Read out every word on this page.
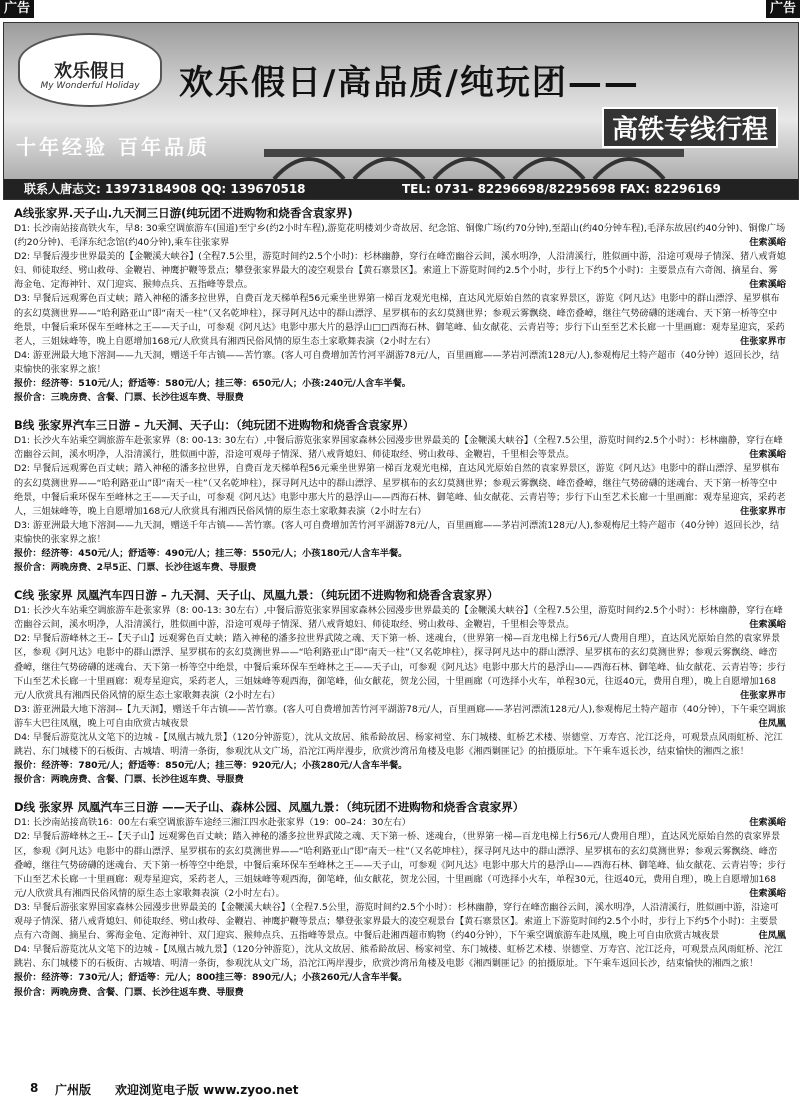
广告	广告
欢乐假日
My Wonderful Holiday	欢乐假日/高品质/纯玩团——
高铁专线行程
十年经验 百年品质
联系人唐志文: 13973184908 QQ: 139670518	TEL: 0731- 82296698/82295698 FAX: 82296169
A线张家界.天子山.九天洞三日游(纯玩团不进购物和烧香含袁家界)
D1: 长沙南站接高铁火车，早8: 30乘空调旅游车(国道)至宁乡(约2小时车程),游览花明楼刘少奇故居、纪念馆、铜像广场(约70分钟),至韶山(约40分钟车程),毛泽东故居(约40分钟)、铜像广场(约20分钟)、毛泽东纪念馆(约40分钟),乘车往张家界	住索溪峪
D2: 早餐后漫步世界最美的【金鞭溪大峡谷】(全程7.5公里，游览时间约2.5个小时)：杉林幽静，穿行在峰峦幽谷云间，溪水明净，人沿清溪行，胜似画中游，沿途可观母子情深、猪八戒背媳妇、师徒取经、劈山救母、金鞭岩、神鹰护鞭等景点；攀登张家界最大的凌空观景台【黄石寨景区】。索道上下游览时间约2.5个小时，步行上下约5个小时)：主要景点有六奇阁、摘星台、雾海金龟、定海神针、双门迎宾、猴帅点兵、五指峰等景点。	住索溪峪
D3: 早餐后远观雾色百丈峡；踏入神秘的潘多拉世界，自费百龙天梯单程56元乘坐世界第一梯百龙观光电梯，直达风光原始自然的袁家界景区，游览《阿凡达》电影中的群山漂浮、星罗棋布的玄幻莫测世界——“哈利路亚山”即“南天一柱”（又名乾坤柱），探寻阿凡达中的群山漂浮、星罗棋布的玄幻莫测世界；参观云雾飘绕、峰峦叠嶂，继往气势磅礴的迷魂台、天下第一桥等空中绝景，中餐后乘环保车至峰林之王——天子山，可参观《阿凡达》电影中那大片的悬浮山□□西海石林、御笔峰、仙女献花、云青岩等；步行下山至至艺术长廊一十里画廊：观寿星迎宾，采药老人，三姐妹峰等，晚上自愿增加168元/人欣赏具有湘西民俗风情的原生态土家歌舞表演（2小时左右）	住张家界市
D4: 游亚洲最大地下溶洞——九天洞，赠送千年古镇——苦竹寨。(客人可自费增加苦竹河平湖游78元/人，百里画廊——茅岩河漂流128元/人),参观梅尼土特产超市（40分钟）返回长沙，结束愉快的张家界之旅！
报价：经济等：510元/人；舒适等：580元/人；挂三等：650元/人；小孩:240元/人含车半餐。
报价含：三晚房费、含餐、门票、长沙往返车费、导服费
B线 张家界汽车三日游 – 九天洞、天子山：（纯玩团不进购物和烧香含袁家界）
D1: 长沙火车站乘空调旅游车赴张家界（8: 00-13: 30左右）,中餐后游览张家界国家森林公园漫步世界最美的【金鞭溪大峡谷】（全程7.5公里，游览时间约2.5个小时）：杉林幽静，穿行在峰峦幽谷云间，溪水明净，人沿清溪行，胜似画中游，沿途可观母子情深、猪八戒背媳妇、师徒取经、劈山救母、金鞭岩，千里相会等景点。	住索溪峪
D2: 早餐后远观雾色百丈峡；踏入神秘的潘多拉世界，自费百龙天梯单程56元乘坐世界第一梯百龙观光电梯，直达风光原始自然的袁家界景区，游览《阿凡达》电影中的群山漂浮、星罗棋布的玄幻莫测世界——“哈利路亚山”即“南天一柱”（又名乾坤柱），探寻阿凡达中的群山漂浮、星罗棋布的玄幻莫测世界；参观云雾飘绕、峰峦叠嶂，继往气势磅礴的迷魂台、天下第一桥等空中绝景，中餐后乘环保车至峰林之王——天子山，可参观《阿凡达》电影中那大片的悬浮山——西海石林、御笔峰、仙女献花、云青岩等；步行下山至艺术长廊一十里画廊：观寿星迎宾，采药老人，三姐妹峰等，晚上自愿增加168元/人欣赏具有湘西民俗风情的原生态土家歌舞表演（2小时左右）	住张家界市
D3: 游亚洲最大地下溶洞——九天洞，赠送千年古镇——苦竹寨。(客人可自费增加苦竹河平湖游78元/人，百里画廊——茅岩河漂流128元/人),参观梅尼土特产超市（40分钟）返回长沙，结束愉快的张家界之旅！
报价：经济等：450元/人；舒适等：490元/人；挂三等：550元/人；小孩180元/人含车半餐。
报价含：两晚房费、2早5正、门票、长沙往返车费、导服费
C线 张家界 凤凰汽车四日游 – 九天洞、天子山、凤凰九景：（纯玩团不进购物和烧香含袁家界）
D1: 长沙火车站乘空调旅游车赴张家界（8: 00-13: 30左右）,中餐后游览张家界国家森林公园漫步世界最美的【金鞭溪大峡谷】（全程7.5公里，游览时间约2.5个小时）：杉林幽静，穿行在峰峦幽谷云间，溪水明净，人沿清溪行，胜似画中游，沿途可观母子情深、猪八戒背媳妇、师徒取经、劈山救母、金鞭岩，千里相会等景点。	住索溪峪
D2: 早餐后游峰林之王--【天子山】远观雾色百丈峡；踏入神秘的潘多拉世界武陵之魂、天下第一桥、迷魂台，（世界第一梯—百龙电梯上行56元/人费用自理），直达风光原始自然的袁家界景区，参观《阿凡达》电影中的群山漂浮、星罗棋布的玄幻莫测世界——“哈利路亚山”即“南天一柱”（又名乾坤柱），探寻阿凡达中的群山漂浮、星罗棋布的玄幻莫测世界；参观云雾飘绕、峰峦叠嶂，继往气势磅礴的迷魂台、天下第一桥等空中绝景，中餐后乘环保车至峰林之王——天子山，可参观《阿凡达》电影中那大片的悬浮山——西海石林、御笔峰、仙女献花、云青岩等；步行下山至艺术长廊一十里画廊：观寿星迎宾，采药老人，三姐妹峰等观西海，御笔峰，仙女献花，贺龙公园，十里画廊（可选择小火车，单程30元，往返40元，费用自理），晚上自愿增加168元/人欣赏具有湘西民俗风情的原生态土家歌舞表演（2小时左右）	住张家界市
D3: 游亚洲最大地下溶洞--【九天洞】，赠送千年古镇——苦竹寨。(客人可自费增加苦竹河平湖游78元/人，百里画廊——茅岩河漂流128元/人),参观梅尼土特产超市（40分钟），下午乘空调旅游车大巴往凤凰，晚上可自由欣赏古城夜景	住凤凰
D4: 早餐后游览沈从文笔下的边城 -【凤凰古城九景】（120分钟游览），沈从文故居、熊希龄故居、杨家祠堂、东门城楼、虹桥艺术楼、崇德堂、万寿宫、沱江泛舟，可观景点风雨虹桥、沱江跳岩、东门城楼下的石板街、古城墙、明清一条街，参观沈从文广场，沿沱江两岸漫步，欣赏沙湾吊角楼及电影《湘西剿匪记》的拍摄原址。下午乘车返长沙，结束愉快的湘西之旅！
报价：经济等：780元/人；舒适等：850元/人；挂三等：920元/人；小孩280元/人含车半餐。
报价含：两晚房费、含餐、门票、长沙往返车费、导服费
D线 张家界 凤凰汽车三日游 ——天子山、森林公园、凤凰九景：（纯玩团不进购物和烧香含袁家界）
D1: 长沙南站接高铁16：00左右乘空调旅游车途经三湘江四水赴张家界（19：00–24：30左右）	住索溪峪
D2: 早餐后游峰林之王--【天子山】远观雾色百丈峡；踏入神秘的潘多拉世界武陵之魂、天下第一桥、迷魂台，（世界第一梯—百龙电梯上行56元/人费用自理），直达风光原始自然的袁家界景区，参观《阿凡达》电影中的群山漂浮、星罗棋布的玄幻莫测世界——“哈利路亚山”即“南天一柱”（又名乾坤柱），探寻阿凡达中的群山漂浮、星罗棋布的玄幻莫测世界；参观云雾飘绕、峰峦叠嶂，继往气势磅礴的迷魂台、天下第一桥等空中绝景，中餐后乘环保车至峰林之王——天子山，可参观《阿凡达》电影中那大片的悬浮山——西海石林、御笔峰、仙女献花、云青岩等；步行下山至艺术长廊一十里画廊：观寿星迎宾，采药老人，三姐妹峰等观西海，御笔峰，仙女献花，贺龙公园，十里画廊（可选择小火车，单程30元，往返40元，费用自理），晚上自愿增加168元/人欣赏具有湘西民俗风情的原生态土家歌舞表演（2小时左右）。	住索溪峪
D3: 早餐后游张家界国家森林公园漫步世界最美的【金鞭溪大峡谷】（全程7.5公里，游览时间约2.5个小时）：杉林幽静，穿行在峰峦幽谷云间，溪水明净，人沿清溪行，胜似画中游，沿途可观母子情深、猪八戒背媳妇、师徒取经、劈山救母、金鞭岩、神鹰护鞭等景点；攀登张家界最大的凌空观景台【黄石寨景区】。索道上下游览时间约2.5个小时，步行上下约5个小时)：主要景点有六奇阁、摘星台、雾海金龟、定海神针、双门迎宾、猴帅点兵、五指峰等景点。中餐后赴湘西超市购物（约40分钟），下午乘空调旅游车赴凤凰，晚上可自由欣赏古城夜景	住凤凰
D4: 早餐后游览沈从文笔下的边城 -【凤凰古城九景】（120分钟游览），沈从文故居、熊希龄故居、杨家祠堂、东门城楼、虹桥艺术楼、崇德堂、万寿宫、沱江泛舟，可观景点风雨虹桥、沱江跳岩、东门城楼下的石板街、古城墙、明清一条街，参观沈从文广场，沿沱江两岸漫步，欣赏沙湾吊角楼及电影《湘西剿匪记》的拍摄原址。下午乘车返回长沙，结束愉快的湘西之旅！
报价：经济等：730元/人；舒适等：元/人；800挂三等：890元/人；小孩260元/人含车半餐。
报价含：两晚房费、含餐、门票、长沙往返车费、导服费
8 广州版 欢迎浏览电子版 www.zyoo.net
